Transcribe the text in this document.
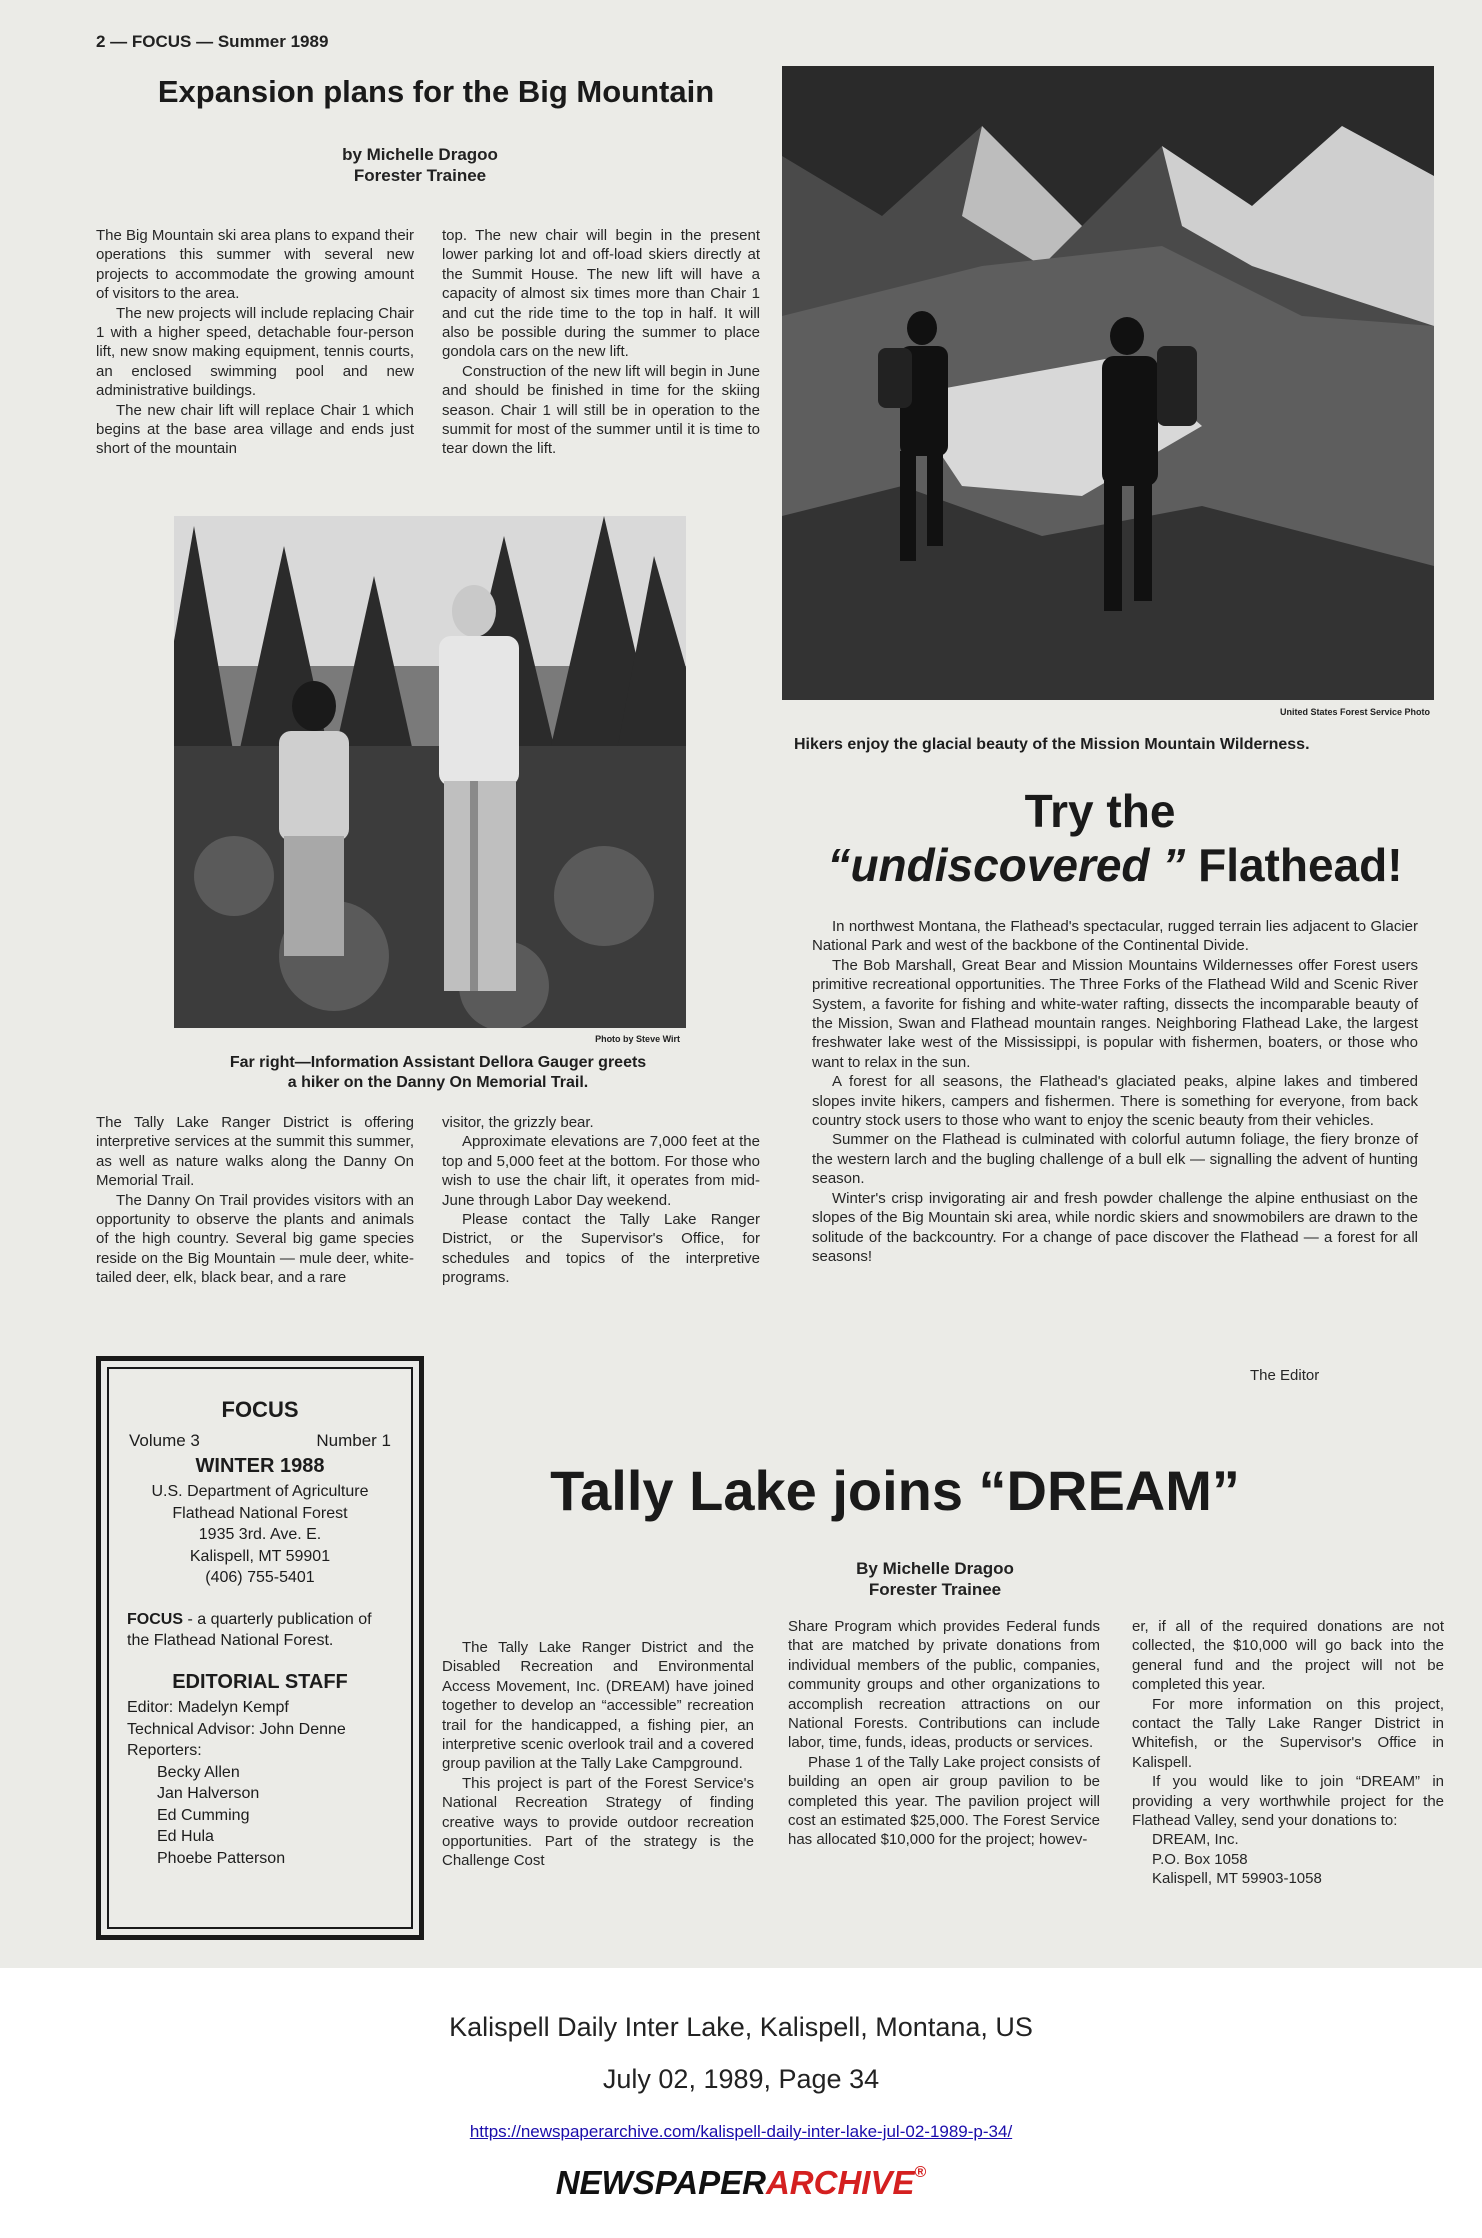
2 — FOCUS — Summer 1989
Expansion plans for the Big Mountain
by Michelle Dragoo
Forester Trainee

The Big Mountain ski area plans to expand their operations this summer with several new projects to accommodate the growing amount of visitors to the area.

The new projects will include replacing Chair 1 with a higher speed, detachable four-person lift, new snow making equipment, tennis courts, an enclosed swimming pool and new administrative buildings.

The new chair lift will replace Chair 1 which begins at the base area village and ends just short of the mountain

top. The new chair will begin in the present lower parking lot and off-load skiers directly at the Summit House. The new lift will have a capacity of almost six times more than Chair 1 and cut the ride time to the top in half. It will also be possible during the summer to place gondola cars on the new lift.

Construction of the new lift will begin in June and should be finished in time for the skiing season. Chair 1 will still be in operation to the summit for most of the summer until it is time to tear down the lift.

United States Forest Service Photo
Hikers enjoy the glacial beauty of the Mission Mountain Wilderness.
Photo by Steve Wirt
Far right—Information Assistant Dellora Gauger greets
a hiker on the Danny On Memorial Trail.

The Tally Lake Ranger District is offering interpretive services at the summit this summer, as well as nature walks along the Danny On Memorial Trail.

The Danny On Trail provides visitors with an opportunity to observe the plants and animals of the high country. Several big game species reside on the Big Mountain — mule deer, white-tailed deer, elk, black bear, and a rare

visitor, the grizzly bear.

Approximate elevations are 7,000 feet at the top and 5,000 feet at the bottom. For those who wish to use the chair lift, it operates from mid-June through Labor Day weekend.

Please contact the Tally Lake Ranger District, or the Supervisor's Office, for schedules and topics of the interpretive programs.

Try the
“undiscovered ” Flathead!

In northwest Montana, the Flathead's spectacular, rugged terrain lies adjacent to Glacier National Park and west of the backbone of the Continental Divide.

The Bob Marshall, Great Bear and Mission Mountains Wildernesses offer Forest users primitive recreational opportunities. The Three Forks of the Flathead Wild and Scenic River System, a favorite for fishing and white-water rafting, dissects the incomparable beauty of the Mission, Swan and Flathead mountain ranges. Neighboring Flathead Lake, the largest freshwater lake west of the Mississippi, is popular with fishermen, boaters, or those who want to relax in the sun.

A forest for all seasons, the Flathead's glaciated peaks, alpine lakes and timbered slopes invite hikers, campers and fishermen. There is something for everyone, from back country stock users to those who want to enjoy the scenic beauty from their vehicles.

Summer on the Flathead is culminated with colorful autumn foliage, the fiery bronze of the western larch and the bugling challenge of a bull elk — signalling the advent of hunting season.

Winter's crisp invigorating air and fresh powder challenge the alpine enthusiast on the slopes of the Big Mountain ski area, while nordic skiers and snowmobilers are drawn to the solitude of the backcountry. For a change of pace discover the Flathead — a forest for all seasons!

The Editor
FOCUS
Volume 3	Number 1
WINTER 1988
U.S. Department of Agriculture
Flathead National Forest
1935 3rd. Ave. E.
Kalispell, MT 59901
(406) 755-5401
FOCUS - a quarterly publication of the Flathead National Forest.
EDITORIAL STAFF
Editor: Madelyn Kempf
Technical Advisor: John Denne
Reporters:
Becky Allen
Jan Halverson
Ed Cumming
Ed Hula
Phoebe Patterson
Tally Lake joins “DREAM”
By Michelle Dragoo
Forester Trainee

The Tally Lake Ranger District and the Disabled Recreation and Environmental Access Movement, Inc. (DREAM) have joined together to develop an “accessible” recreation trail for the handicapped, a fishing pier, an interpretive scenic overlook trail and a covered group pavilion at the Tally Lake Campground.

This project is part of the Forest Service's National Recreation Strategy of finding creative ways to provide outdoor recreation opportunities. Part of the strategy is the Challenge Cost

Share Program which provides Federal funds that are matched by private donations from individual members of the public, companies, community groups and other organizations to accomplish recreation attractions on our National Forests. Contributions can include labor, time, funds, ideas, products or services.

Phase 1 of the Tally Lake project consists of building an open air group pavilion to be completed this year. The pavilion project will cost an estimated $25,000. The Forest Service has allocated $10,000 for the project; howev-

er, if all of the required donations are not collected, the $10,000 will go back into the general fund and the project will not be completed this year.

For more information on this project, contact the Tally Lake Ranger District in Whitefish, or the Supervisor's Office in Kalispell.

If you would like to join “DREAM” in providing a very worthwhile project for the Flathead Valley, send your donations to:

DREAM, Inc.
P.O. Box 1058
Kalispell, MT 59903-1058
Kalispell Daily Inter Lake, Kalispell, Montana, US
July 02, 1989, Page 34
https://newspaperarchive.com/kalispell-daily-inter-lake-jul-02-1989-p-34/
NEWSPAPERARCHIVE®
